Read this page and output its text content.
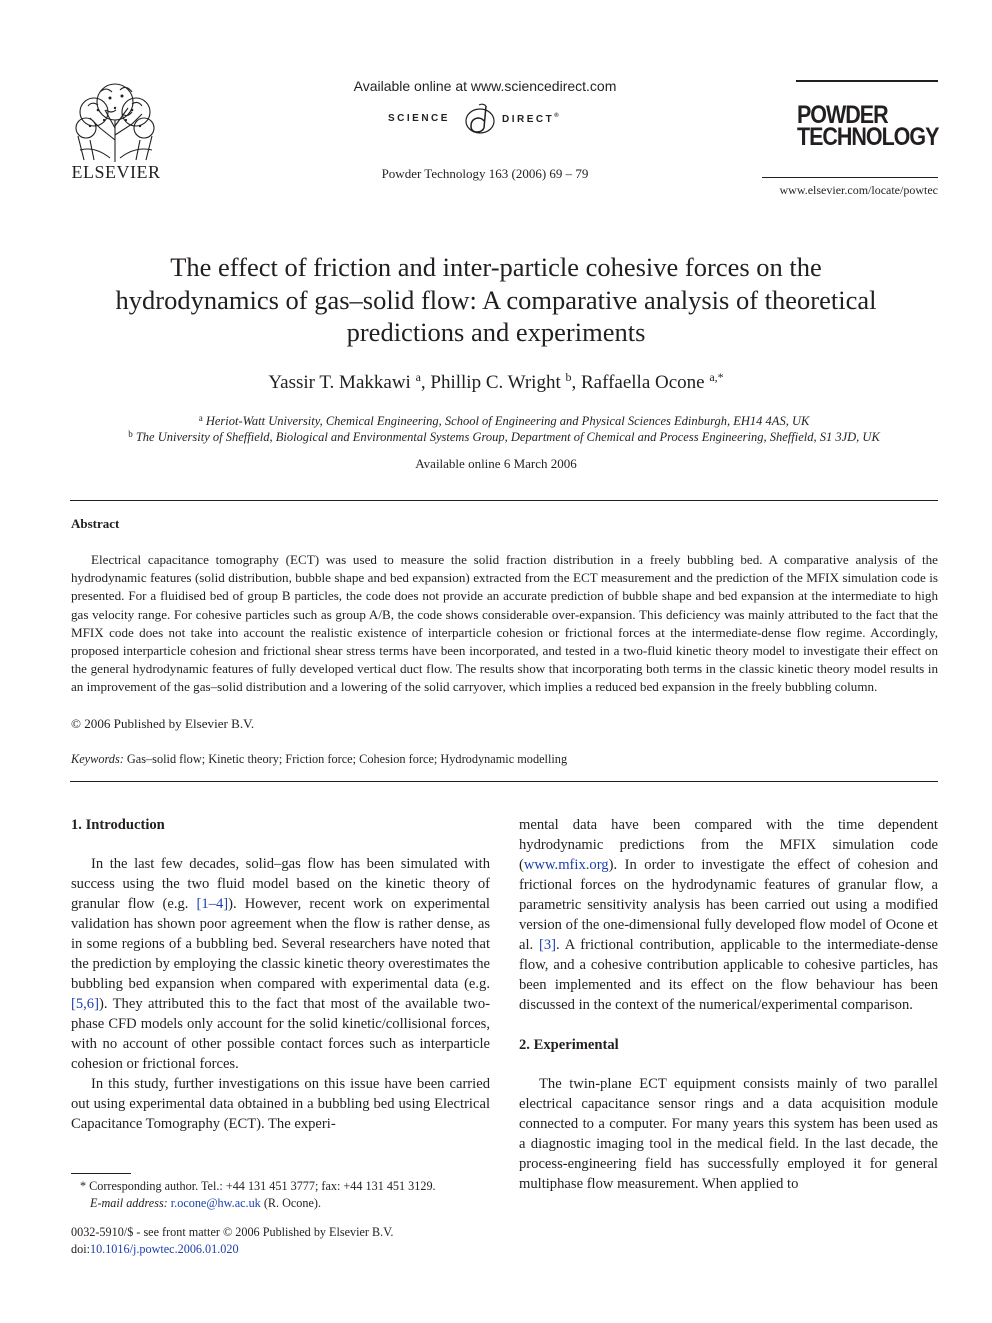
ELSEVIER
Available online at www.sciencedirect.com
SCIENCE	DIRECT®
Powder Technology 163 (2006) 69 – 79
POWDER
TECHNOLOGY
www.elsevier.com/locate/powtec
The effect of friction and inter-particle cohesive forces on the hydrodynamics of gas–solid flow: A comparative analysis of theoretical predictions and experiments
Yassir T. Makkawi $^a$, Phillip C. Wright $^b$, Raffaella Ocone $^{a,*}$
$^a$ Heriot-Watt University, Chemical Engineering, School of Engineering and Physical Sciences Edinburgh, EH14 4AS, UK
$^b$ The University of Sheffield, Biological and Environmental Systems Group, Department of Chemical and Process Engineering, Sheffield, S1 3JD, UK
Available online 6 March 2006
Abstract
Electrical capacitance tomography (ECT) was used to measure the solid fraction distribution in a freely bubbling bed. A comparative analysis of the hydrodynamic features (solid distribution, bubble shape and bed expansion) extracted from the ECT measurement and the prediction of the MFIX simulation code is presented. For a fluidised bed of group B particles, the code does not provide an accurate prediction of bubble shape and bed expansion at the intermediate to high gas velocity range. For cohesive particles such as group A/B, the code shows considerable over-expansion. This deficiency was mainly attributed to the fact that the MFIX code does not take into account the realistic existence of interparticle cohesion or frictional forces at the intermediate-dense flow regime. Accordingly, proposed interparticle cohesion and frictional shear stress terms have been incorporated, and tested in a two-fluid kinetic theory model to investigate their effect on the general hydrodynamic features of fully developed vertical duct flow. The results show that incorporating both terms in the classic kinetic theory model results in an improvement of the gas–solid distribution and a lowering of the solid carryover, which implies a reduced bed expansion in the freely bubbling column.
© 2006 Published by Elsevier B.V.
Keywords: Gas–solid flow; Kinetic theory; Friction force; Cohesion force; Hydrodynamic modelling
1. Introduction
In the last few decades, solid–gas flow has been simulated with success using the two fluid model based on the kinetic theory of granular flow (e.g. [1–4]). However, recent work on experimental validation has shown poor agreement when the flow is rather dense, as in some regions of a bubbling bed. Several researchers have noted that the prediction by employing the classic kinetic theory overestimates the bubbling bed expansion when compared with experimental data (e.g. [5,6]). They attributed this to the fact that most of the available two-phase CFD models only account for the solid kinetic/collisional forces, with no account of other possible contact forces such as interparticle cohesion or frictional forces.
In this study, further investigations on this issue have been carried out using experimental data obtained in a bubbling bed using Electrical Capacitance Tomography (ECT). The experi-
mental data have been compared with the time dependent hydrodynamic predictions from the MFIX simulation code (www.mfix.org). In order to investigate the effect of cohesion and frictional forces on the hydrodynamic features of granular flow, a parametric sensitivity analysis has been carried out using a modified version of the one-dimensional fully developed flow model of Ocone et al. [3]. A frictional contribution, applicable to the intermediate-dense flow, and a cohesive contribution applicable to cohesive particles, has been implemented and its effect on the flow behaviour has been discussed in the context of the numerical/experimental comparison.
2. Experimental
The twin-plane ECT equipment consists mainly of two parallel electrical capacitance sensor rings and a data acquisition module connected to a computer. For many years this system has been used as a diagnostic imaging tool in the medical field. In the last decade, the process-engineering field has successfully employed it for general multiphase flow measurement. When applied to
* Corresponding author. Tel.: +44 131 451 3777; fax: +44 131 451 3129.
E-mail address: r.ocone@hw.ac.uk (R. Ocone).
0032-5910/$ - see front matter © 2006 Published by Elsevier B.V.
doi:10.1016/j.powtec.2006.01.020
